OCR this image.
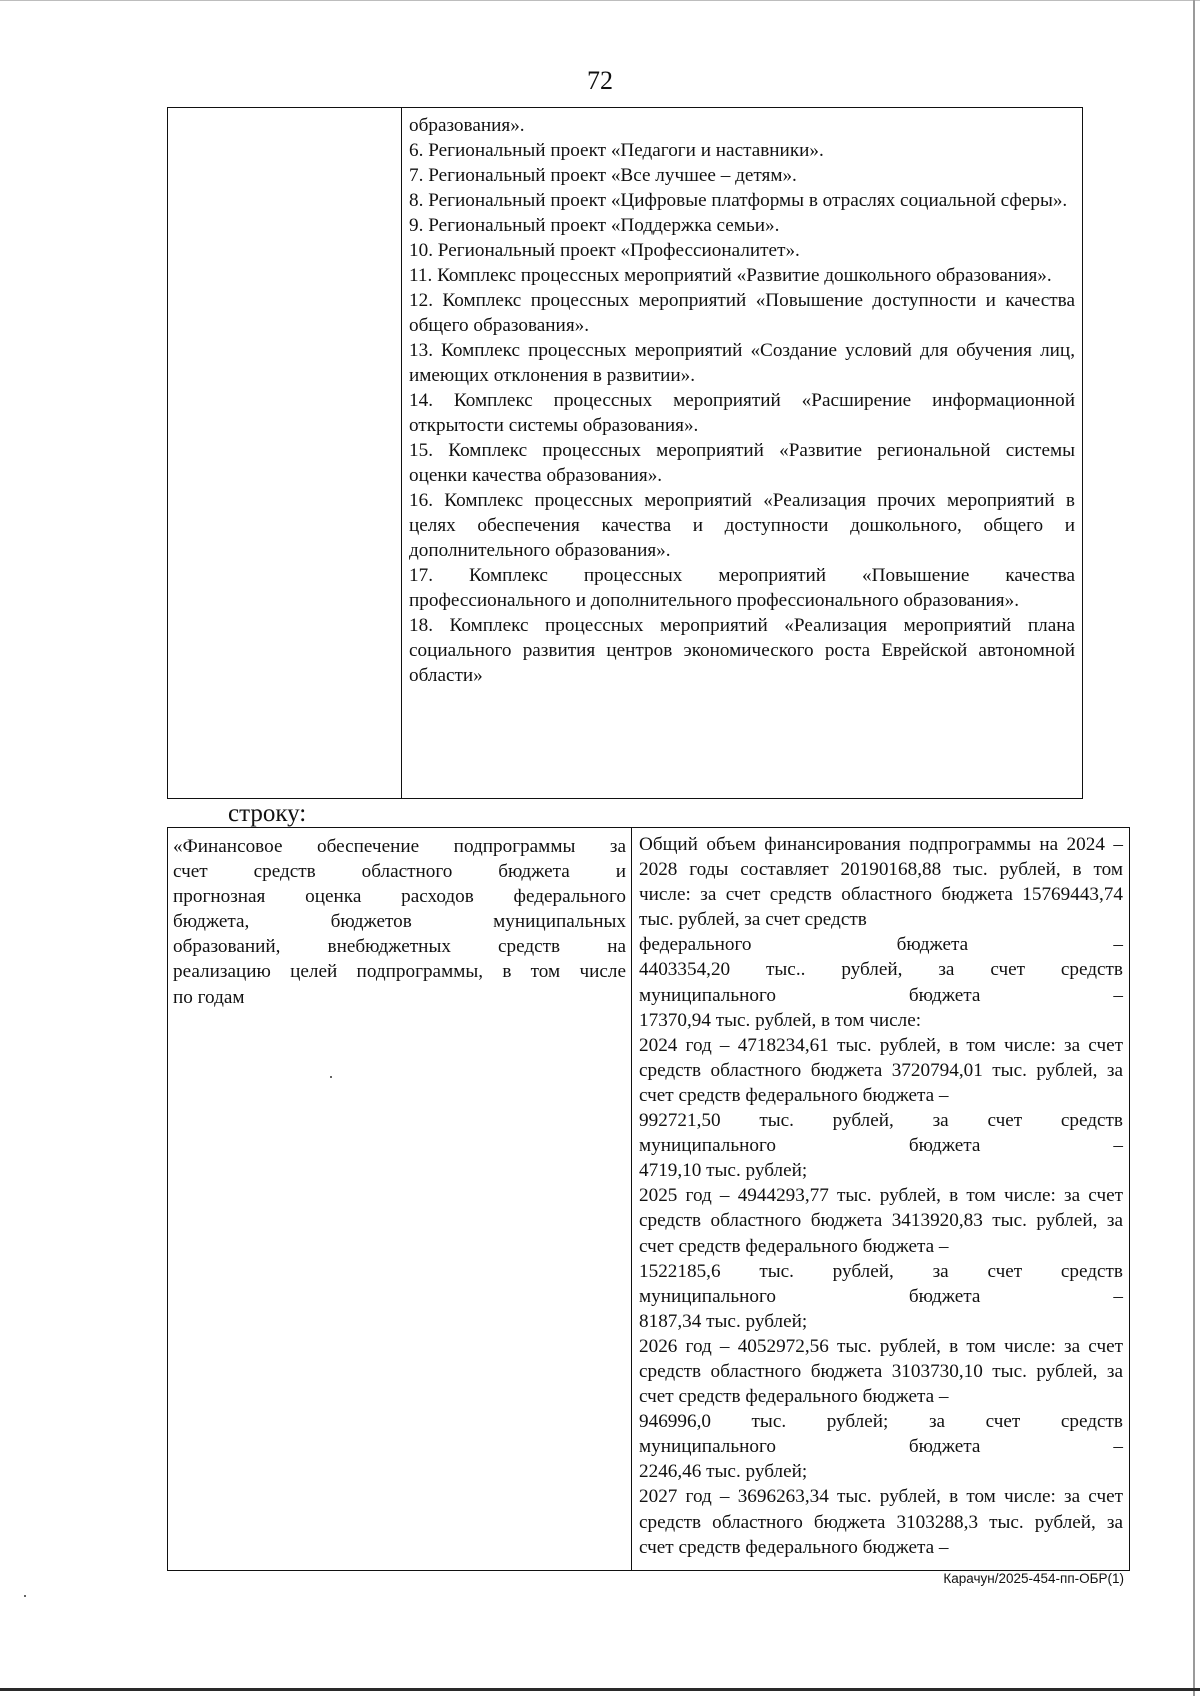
72

образования».
6. Региональный проект «Педагоги и наставники».
7. Региональный проект «Все лучшее – детям».
8. Региональный проект «Цифровые платформы в отраслях социальной сферы».
9. Региональный проект «Поддержка семьи».
10. Региональный проект «Профессионалитет».
11. Комплекс процессных мероприятий «Развитие дошкольного образования».
12. Комплекс процессных мероприятий «Повышение доступности и качества общего образования».
13. Комплекс процессных мероприятий «Создание условий для обучения лиц, имеющих отклонения в развитии».
14. Комплекс процессных мероприятий «Расширение информационной открытости системы образования».
15. Комплекс процессных мероприятий «Развитие региональной системы оценки качества образования».
16. Комплекс процессных мероприятий «Реализация прочих мероприятий в целях обеспечения качества и доступности дошкольного, общего и дополнительного образования».
17. Комплекс процессных мероприятий «Повышение качества профессионального и дополнительного профессионального образования».
18. Комплекс процессных мероприятий «Реализация мероприятий плана социального развития центров экономического роста Еврейской автономной области»
строку:
«Финансовое обеспечение подпрограммы за
счет средств областного бюджета и
прогнозная оценка расходов федерального
бюджета, бюджетов муниципальных
образований, внебюджетных средств на
реализацию целей подпрограммы, в том числе
по годам

Общий объем финансирования подпрограммы на 2024 – 2028 годы составляет 20190168,88 тыс. рублей, в том числе: за счет средств областного бюджета 15769443,74 тыс. рублей, за счет средств
федерального бюджета –
4403354,20 тыс.. рублей, за счет средств
муниципального бюджета –
17370,94 тыс. рублей, в том числе:
2024 год – 4718234,61 тыс. рублей, в том числе: за счет средств областного бюджета 3720794,01 тыс. рублей, за счет средств федерального бюджета –
992721,50 тыс. рублей, за счет средств
муниципального бюджета –
4719,10 тыс. рублей;
2025 год – 4944293,77 тыс. рублей, в том числе: за счет средств областного бюджета 3413920,83 тыс. рублей, за счет средств федерального бюджета –
1522185,6 тыс. рублей, за счет средств
муниципального бюджета –
8187,34 тыс. рублей;
2026 год – 4052972,56 тыс. рублей, в том числе: за счет средств областного бюджета 3103730,10 тыс. рублей, за счет средств федерального бюджета –
946996,0 тыс. рублей; за счет средств
муниципального бюджета –
2246,46 тыс. рублей;
2027 год – 3696263,34 тыс. рублей, в том числе: за счет средств областного бюджета 3103288,3 тыс. рублей, за счет средств федерального бюджета –
Карачун/2025-454-пп-ОБР(1)
